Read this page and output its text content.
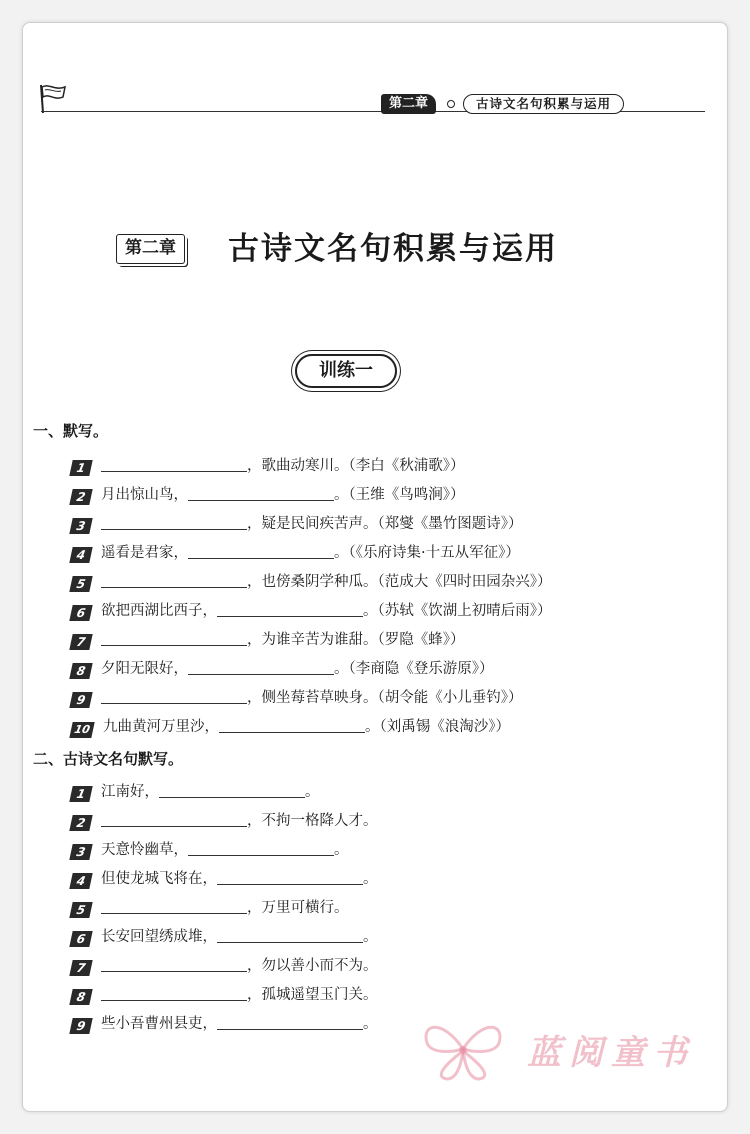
第二章	古诗文名句积累与运用
第二章 古诗文名句积累与运用
训练一
一、默写。
1	，歌曲动寒川。（李白《秋浦歌》）
2 月出惊山鸟，	。（王维《鸟鸣涧》）
3	，疑是民间疾苦声。（郑燮《墨竹图题诗》）
4 遥看是君家，	。（《乐府诗集·十五从军征》）
5	，也傍桑阴学种瓜。（范成大《四时田园杂兴》）
6 欲把西湖比西子，	。（苏轼《饮湖上初晴后雨》）
7	，为谁辛苦为谁甜。（罗隐《蜂》）
8 夕阳无限好，	。（李商隐《登乐游原》）
9	，侧坐莓苔草映身。（胡令能《小儿垂钓》）
10 九曲黄河万里沙，	。（刘禹锡《浪淘沙》）
二、古诗文名句默写。
1 江南好，	。
2	，不拘一格降人才。
3 天意怜幽草，	。
4 但使龙城飞将在，	。
5	，万里可横行。
6 长安回望绣成堆，	。
7	，勿以善小而不为。
8	，孤城遥望玉门关。
9 些小吾曹州县吏，	。
蓝阅童书
